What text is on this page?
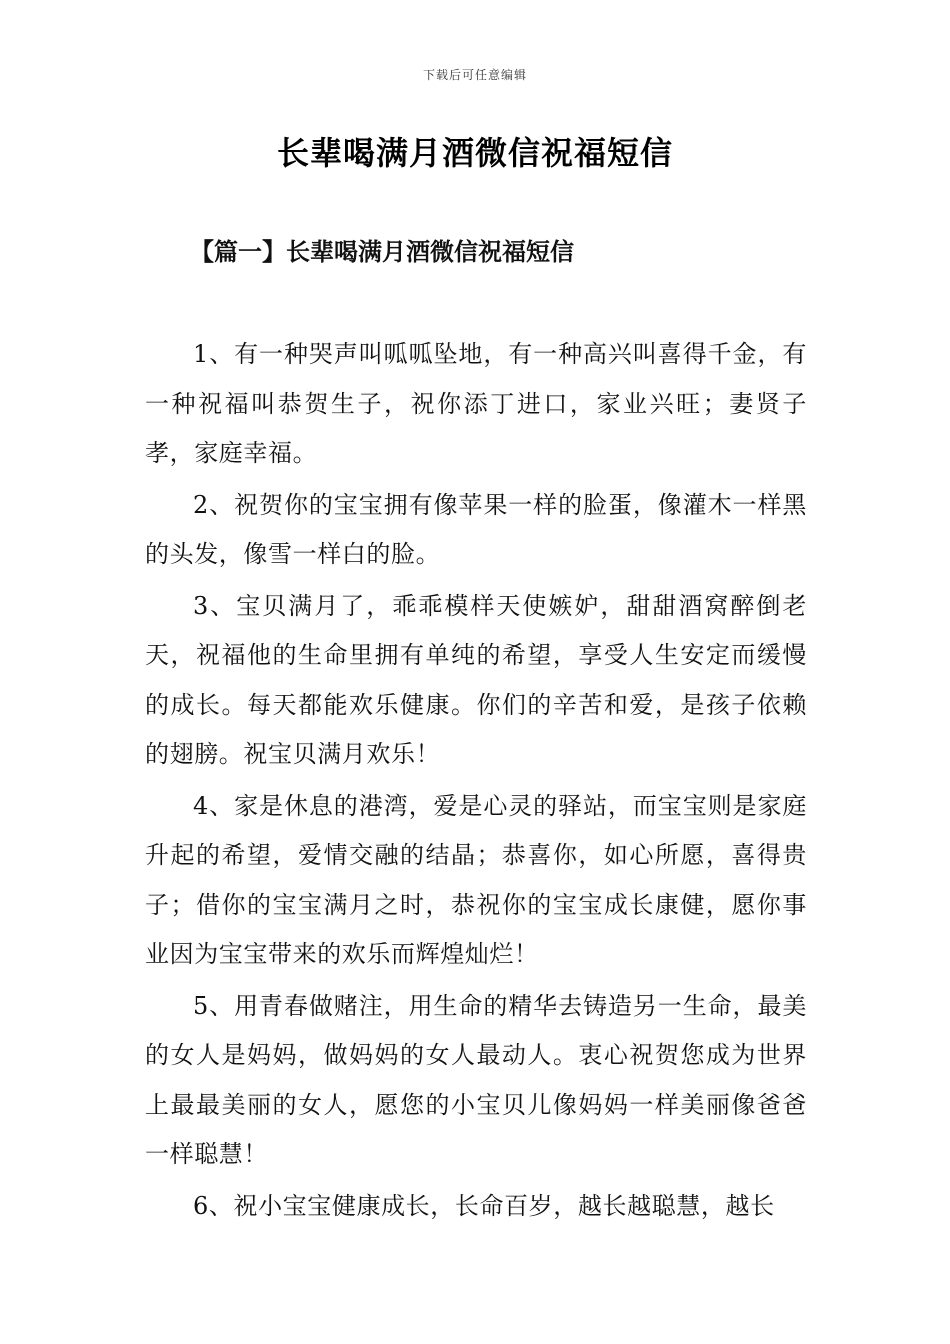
下载后可任意编辑
长辈喝满月酒微信祝福短信
【篇一】长辈喝满月酒微信祝福短信

1、有一种哭声叫呱呱坠地，有一种高兴叫喜得千金，有一种祝福叫恭贺生子，祝你添丁进口，家业兴旺；妻贤子孝，家庭幸福。

2、祝贺你的宝宝拥有像苹果一样的脸蛋，像灌木一样黑的头发，像雪一样白的脸。

3、宝贝满月了，乖乖模样天使嫉妒，甜甜酒窝醉倒老天，祝福他的生命里拥有单纯的希望，享受人生安定而缓慢的成长。每天都能欢乐健康。你们的辛苦和爱，是孩子依赖的翅膀。祝宝贝满月欢乐！

4、家是休息的港湾，爱是心灵的驿站，而宝宝则是家庭升起的希望，爱情交融的结晶；恭喜你，如心所愿，喜得贵子；借你的宝宝满月之时，恭祝你的宝宝成长康健，愿你事业因为宝宝带来的欢乐而辉煌灿烂！

5、用青春做赌注，用生命的精华去铸造另一生命，最美的女人是妈妈，做妈妈的女人最动人。衷心祝贺您成为世界上最最美丽的女人，愿您的小宝贝儿像妈妈一样美丽像爸爸一样聪慧！

6、祝小宝宝健康成长，长命百岁，越长越聪慧，越长
